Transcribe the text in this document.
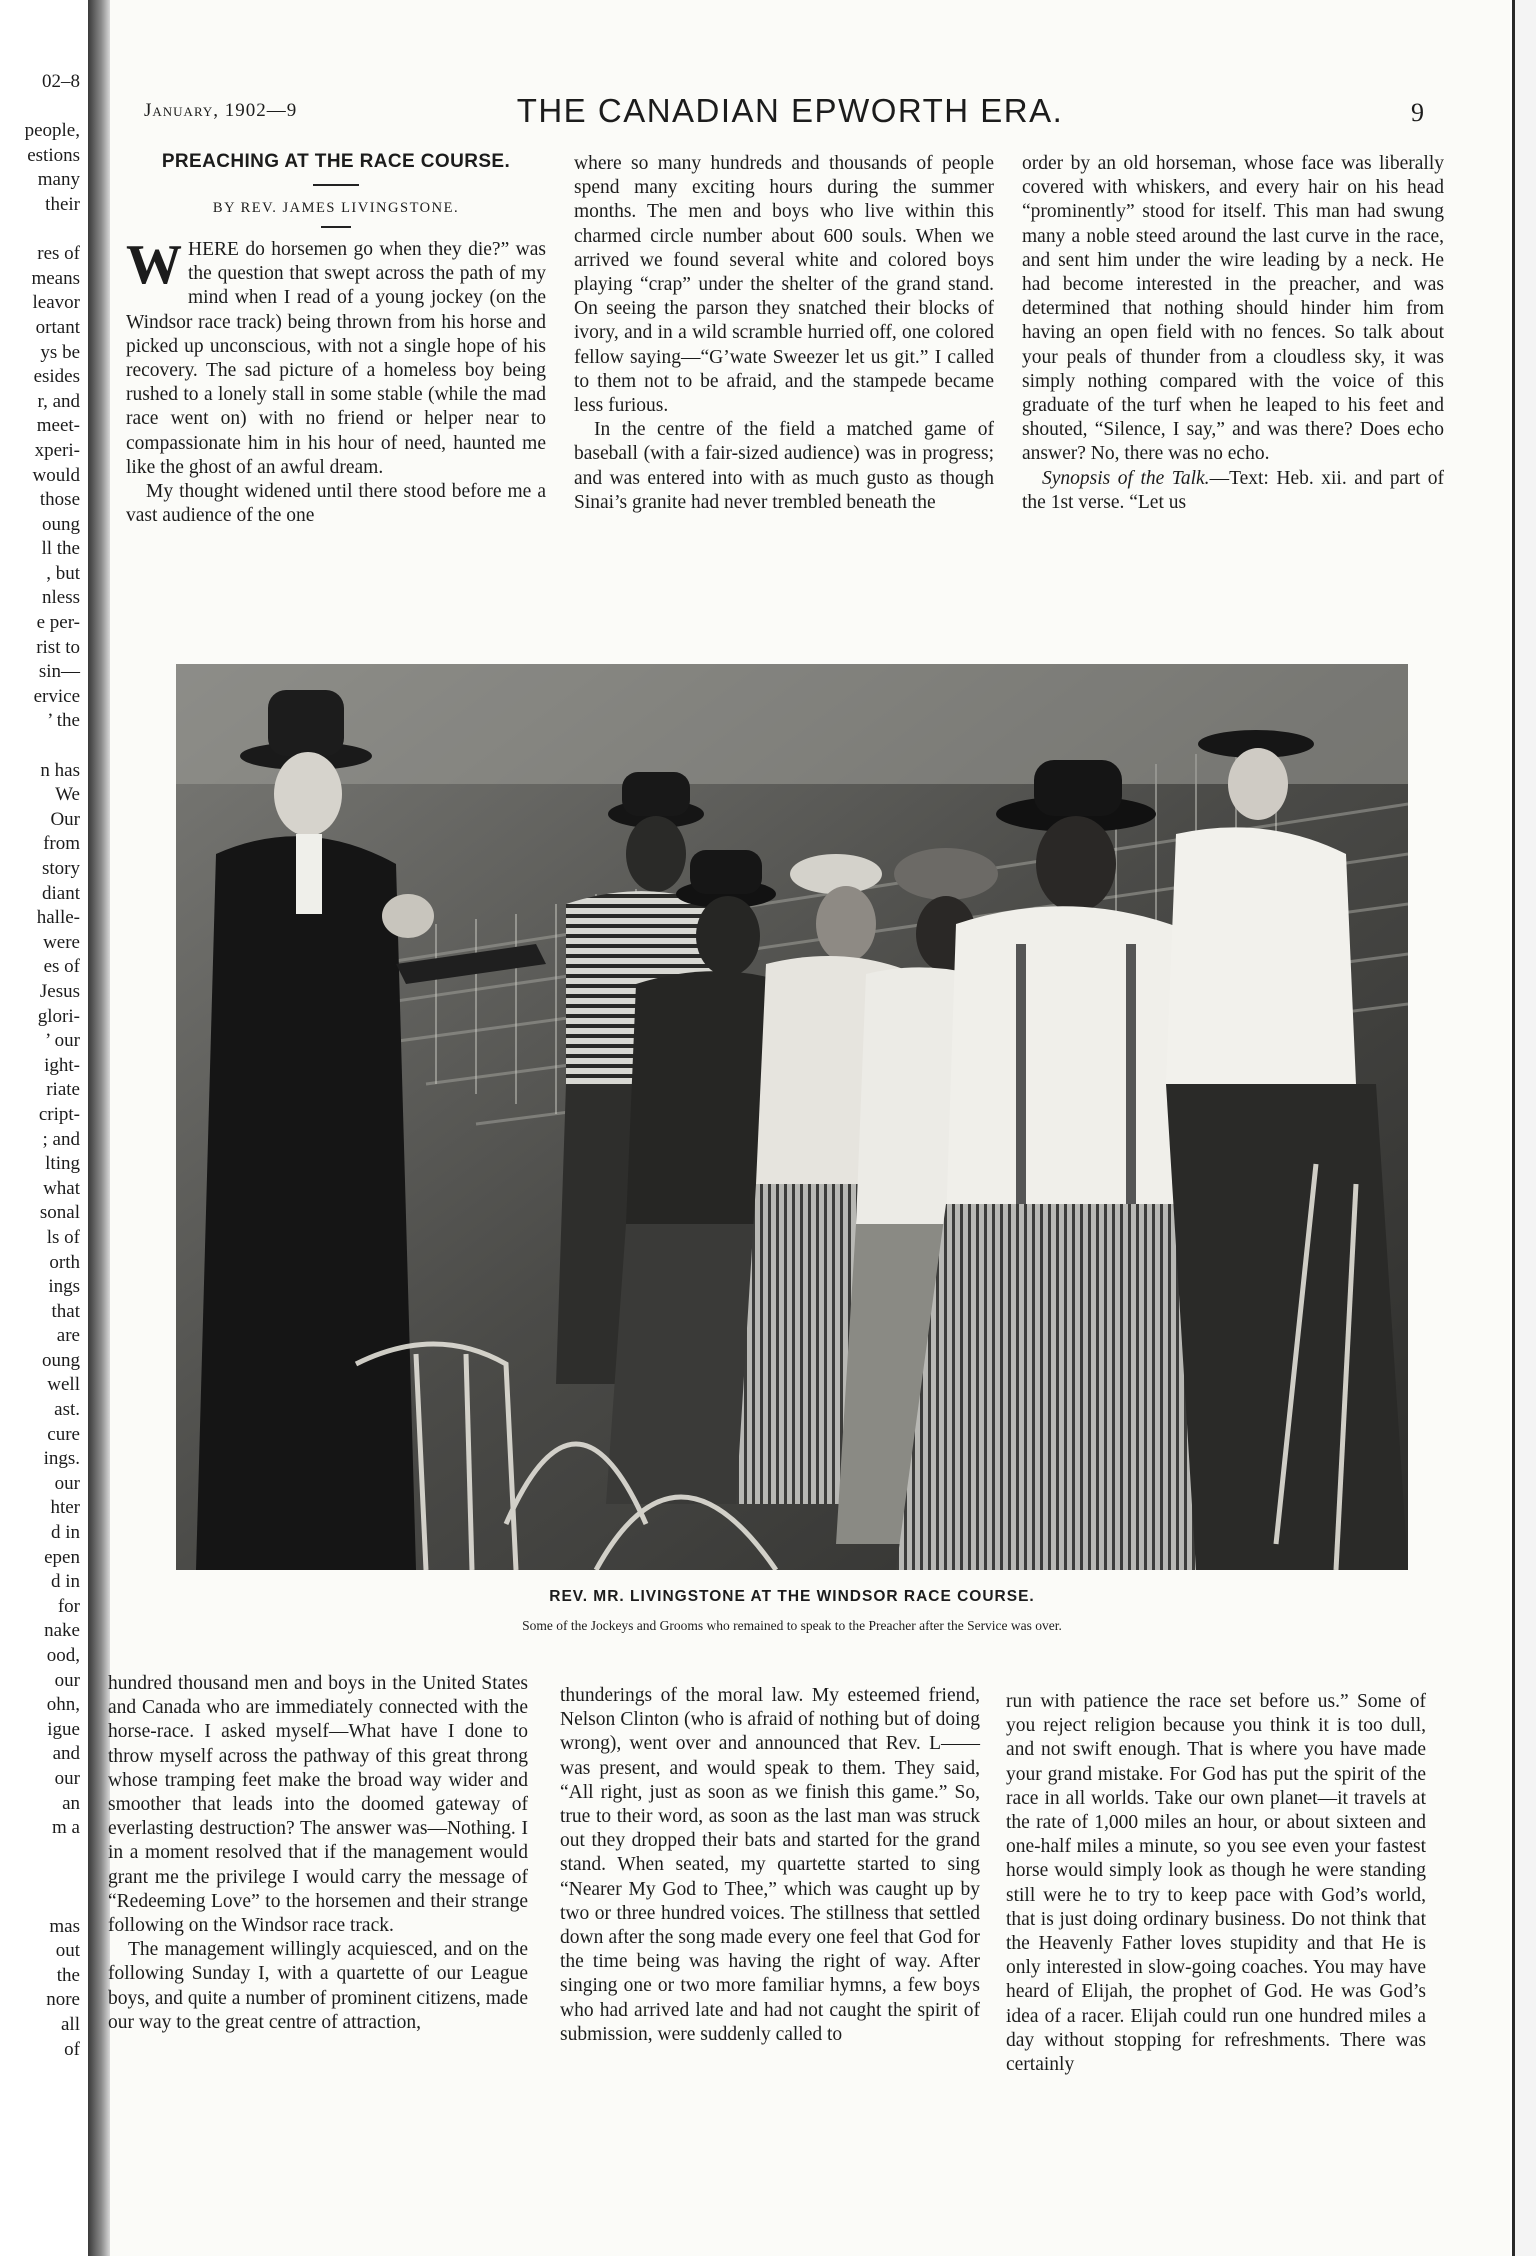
02–8
people,
estions
many
their
res of
means
leavor
ortant
ys be
esides
r, and
meet-
xperi-
would
those
oung
ll the
, but
nless
e per-
rist to
sin—
ervice
’ the
n has
We
Our
from
story
diant
halle-
were
es of
Jesus
glori-
’ our
ight-
riate
cript-
; and
lting
what
sonal
ls of
orth
ings
that
are
oung
well
ast.
cure
ings.
our
hter
d in
epen
d in
for
nake
ood,
our
ohn,
igue
and
our
an
m a
mas
out
the
nore
all
of
January, 1902—9	THE CANADIAN EPWORTH ERA.	9
PREACHING AT THE RACE COURSE.
BY REV. JAMES LIVINGSTONE.

WHERE do horsemen go when they die?” was the question that swept across the path of my mind when I read of a young jockey (on the Windsor race track) being thrown from his horse and picked up unconscious, with not a single hope of his recovery. The sad picture of a homeless boy being rushed to a lonely stall in some stable (while the mad race went on) with no friend or helper near to compassionate him in his hour of need, haunted me like the ghost of an awful dream.

My thought widened until there stood before me a vast audience of the one

where so many hundreds and thousands of people spend many exciting hours during the summer months. The men and boys who live within this charmed circle number about 600 souls. When we arrived we found several white and colored boys playing “crap” under the shelter of the grand stand. On seeing the parson they snatched their blocks of ivory, and in a wild scramble hurried off, one colored fellow saying—“G’wate Sweezer let us git.” I called to them not to be afraid, and the stampede became less furious.

In the centre of the field a matched game of baseball (with a fair-sized audience) was in progress; and was entered into with as much gusto as though Sinai’s granite had never trembled beneath the

order by an old horseman, whose face was liberally covered with whiskers, and every hair on his head “prominently” stood for itself. This man had swung many a noble steed around the last curve in the race, and sent him under the wire leading by a neck. He had become interested in the preacher, and was determined that nothing should hinder him from having an open field with no fences. So talk about your peals of thunder from a cloudless sky, it was simply nothing compared with the voice of this graduate of the turf when he leaped to his feet and shouted, “Silence, I say,” and was there? Does echo answer? No, there was no echo.

Synopsis of the Talk.—Text: Heb. xii. and part of the 1st verse. “Let us

REV. MR. LIVINGSTONE AT THE WINDSOR RACE COURSE.
Some of the Jockeys and Grooms who remained to speak to the Preacher after the Service was over.

hundred thousand men and boys in the United States and Canada who are immediately connected with the horse-race. I asked myself—What have I done to throw myself across the pathway of this great throng whose tramping feet make the broad way wider and smoother that leads into the doomed gateway of everlasting destruction? The answer was—Nothing. I in a moment resolved that if the management would grant me the privilege I would carry the message of “Redeeming Love” to the horsemen and their strange following on the Windsor race track.

The management willingly acquiesced, and on the following Sunday I, with a quartette of our League boys, and quite a number of prominent citizens, made our way to the great centre of attraction,

thunderings of the moral law. My esteemed friend, Nelson Clinton (who is afraid of nothing but of doing wrong), went over and announced that Rev. L—— was present, and would speak to them. They said, “All right, just as soon as we finish this game.” So, true to their word, as soon as the last man was struck out they dropped their bats and started for the grand stand. When seated, my quartette started to sing “Nearer My God to Thee,” which was caught up by two or three hundred voices. The stillness that settled down after the song made every one feel that God for the time being was having the right of way. After singing one or two more familiar hymns, a few boys who had arrived late and had not caught the spirit of submission, were suddenly called to

run with patience the race set before us.” Some of you reject religion because you think it is too dull, and not swift enough. That is where you have made your grand mistake. For God has put the spirit of the race in all worlds. Take our own planet—it travels at the rate of 1,000 miles an hour, or about sixteen and one-half miles a minute, so you see even your fastest horse would simply look as though he were standing still were he to try to keep pace with God’s world, that is just doing ordinary business. Do not think that the Heavenly Father loves stupidity and that He is only interested in slow-going coaches. You may have heard of Elijah, the prophet of God. He was God’s idea of a racer. Elijah could run one hundred miles a day without stopping for refreshments. There was certainly
